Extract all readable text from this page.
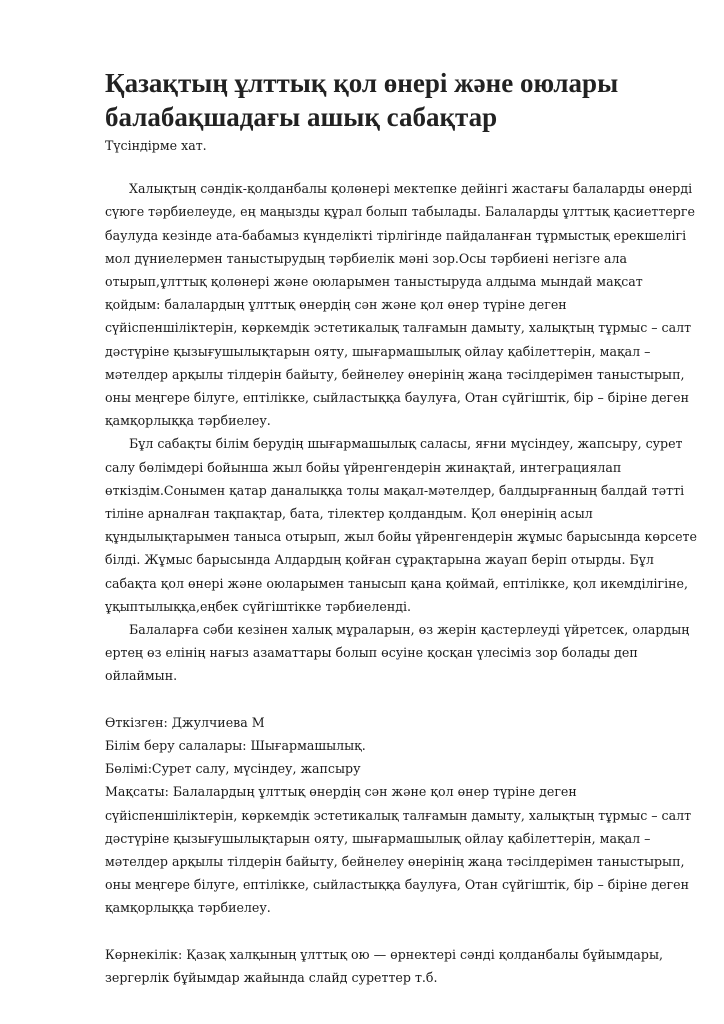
Қазақтың ұлттық қол өнері және оюлары балабақшадағы ашық сабақтар

Түсіндірме хат.

Халықтың сәндік-қолданбалы қолөнері мектепке дейінгі жастағы балаларды өнерді сүюге тәрбиелеуде, ең маңызды құрал болып табылады. Балаларды ұлттық қасиеттерге баулуда кезінде ата-бабамыз күнделікті тірлігінде пайдаланған тұрмыстық ерекшелігі мол дүниелермен таныстырудың тәрбиелік мәні зор.Осы тәрбиені негізге ала отырып,ұлттық қолөнері және оюларымен таныстыруда алдыма мындай мақсат қойдым: балалардың ұлттық өнердің сән және қол өнер түріне деген сүйіспеншіліктерін, көркемдік эстетикалық талғамын дамыту, халықтың тұрмыс – салт дәстүріне қызығушылықтарын ояту, шығармашылық ойлау қабілеттерін, мақал – мәтелдер арқылы тілдерін байыту, бейнелеу өнерінің жаңа тәсілдерімен таныстырып, оны меңгере білуге, ептілікке, сыйластыққа баулуға, Отан сүйгіштік, бір – біріне деген қамқорлыққа тәрбиелеу.

Бұл сабақты білім берудің шығармашылық саласы, яғни мүсіндеу, жапсыру, сурет салу бөлімдері бойынша жыл бойы үйренгендерін жинақтай, интеграциялап өткіздім.Сонымен қатар даналыққа толы мақал-мәтелдер, балдырғанның балдай тәтті тіліне арналған тақпақтар, бата, тілектер қолдандым. Қол өнерінің асыл құндылықтарымен таныса отырып, жыл бойы үйренгендерін жұмыс барысында көрсете білді. Жұмыс барысында Алдардың қойған сұрақтарына жауап беріп отырды. Бұл сабақта қол өнері және оюларымен танысып қана қоймай, ептілікке, қол икемділігіне, ұқыптылыққа,еңбек сүйгіштікке тәрбиеленді.

Балаларға сәби кезінен халық мұраларын, өз жерін қастерлеуді үйретсек, олардың ертең өз елінің нағыз азаматтары болып өсуіне қосқан үлесіміз зор болады деп ойлаймын.

Өткізген: Джулчиева М

Білім беру салалары: Шығармашылық.

Бөлімі:Сурет салу, мүсіндеу, жапсыру

Мақсаты: Балалардың ұлттық өнердің сән және қол өнер түріне деген сүйіспеншіліктерін, көркемдік эстетикалық талғамын дамыту, халықтың тұрмыс – салт дәстүріне қызығушылықтарын ояту, шығармашылық ойлау қабілеттерін, мақал – мәтелдер арқылы тілдерін байыту, бейнелеу өнерінің жаңа тәсілдерімен таныстырып, оны меңгере білуге, ептілікке, сыйластыққа баулуға, Отан сүйгіштік, бір – біріне деген қамқорлыққа тәрбиелеу.

Көрнекілік: Қазақ халқының ұлттық ою — өрнектері сәнді қолданбалы бұйымдары, зергерлік бұйымдар жайында слайд суреттер т.б.
